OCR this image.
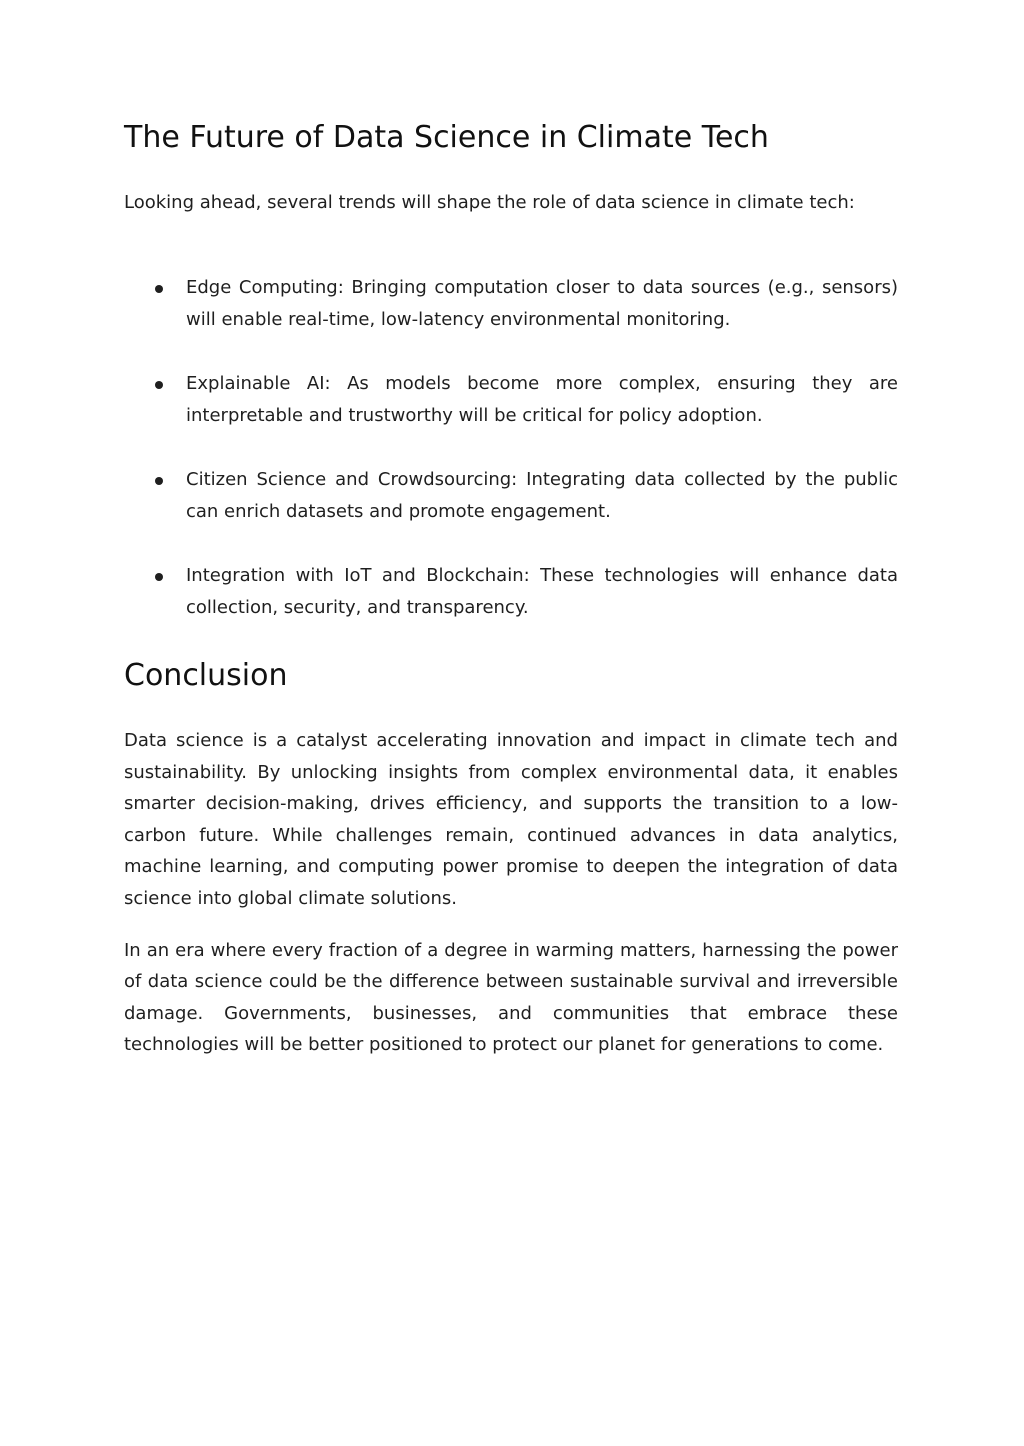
The Future of Data Science in Climate Tech

Looking ahead, several trends will shape the role of data science in climate tech:

Edge Computing: Bringing computation closer to data sources (e.g., sensors) will enable real-time, low-latency environmental monitoring.
Explainable AI: As models become more complex, ensuring they are interpretable and trustworthy will be critical for policy adoption.
Citizen Science and Crowdsourcing: Integrating data collected by the public can enrich datasets and promote engagement.
Integration with IoT and Blockchain: These technologies will enhance data collection, security, and transparency.
Conclusion

Data science is a catalyst accelerating innovation and impact in climate tech and sustainability. By unlocking insights from complex environmental data, it enables smarter decision-making, drives efficiency, and supports the transition to a low-carbon future. While challenges remain, continued advances in data analytics, machine learning, and computing power promise to deepen the integration of data science into global climate solutions.

In an era where every fraction of a degree in warming matters, harnessing the power of data science could be the difference between sustainable survival and irreversible damage. Governments, businesses, and communities that embrace these technologies will be better positioned to protect our planet for generations to come.
